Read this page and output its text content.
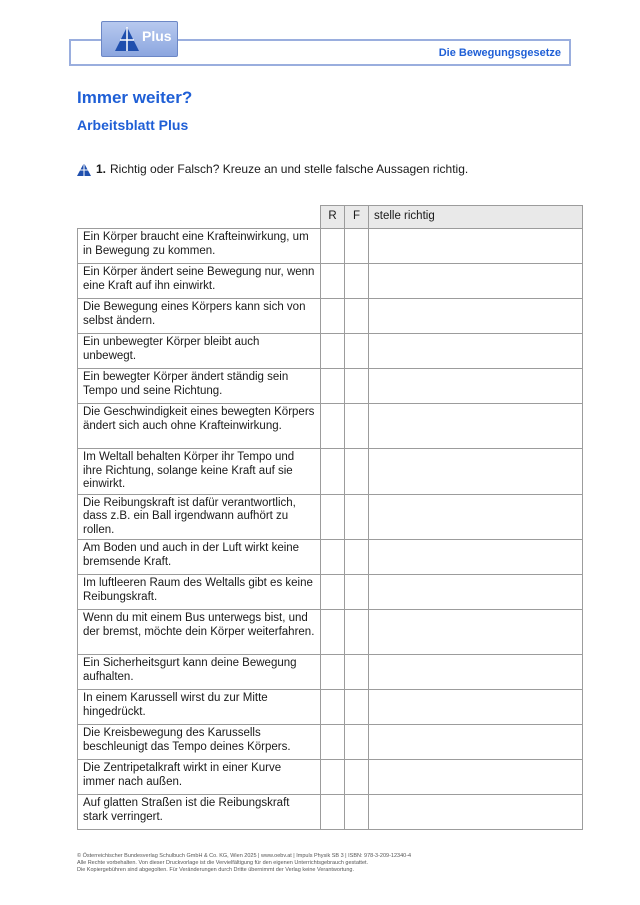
Die Bewegungsgesetze
Plus
Immer weiter?
Arbeitsblatt Plus
1. Richtig oder Falsch? Kreuze an und stelle falsche Aussagen richtig.
	R	F	stelle richtig
Ein Körper braucht eine Krafteinwirkung, um in Bewegung zu kommen.			
Ein Körper ändert seine Bewegung nur, wenn eine Kraft auf ihn einwirkt.			
Die Bewegung eines Körpers kann sich von selbst ändern.			
Ein unbewegter Körper bleibt auch unbewegt.			
Ein bewegter Körper ändert ständig sein Tempo und seine Richtung.			
Die Geschwindigkeit eines bewegten Körpers ändert sich auch ohne Krafteinwirkung.			
Im Weltall behalten Körper ihr Tempo und ihre Richtung, solange keine Kraft auf sie einwirkt.			
Die Reibungskraft ist dafür verantwortlich, dass z.B. ein Ball irgendwann aufhört zu rollen.			
Am Boden und auch in der Luft wirkt keine bremsende Kraft.			
Im luftleeren Raum des Weltalls gibt es keine Reibungskraft.			
Wenn du mit einem Bus unterwegs bist, und der bremst, möchte dein Körper weiterfahren.			
Ein Sicherheitsgurt kann deine Bewegung aufhalten.			
In einem Karussell wirst du zur Mitte hingedrückt.			
Die Kreisbewegung des Karussells beschleunigt das Tempo deines Körpers.			
Die Zentripetalkraft wirkt in einer Kurve immer nach außen.			
Auf glatten Straßen ist die Reibungskraft stark verringert.			
© Österreichischer Bundesverlag Schulbuch GmbH & Co. KG, Wien 2025 | www.oebv.at | Impuls Physik SB 3 | ISBN: 978-3-209-12340-4
Alle Rechte vorbehalten. Von dieser Druckvorlage ist die Vervielfältigung für den eigenen Unterrichtsgebrauch gestattet.
Die Kopiergebühren sind abgegolten. Für Veränderungen durch Dritte übernimmt der Verlag keine Verantwortung.
